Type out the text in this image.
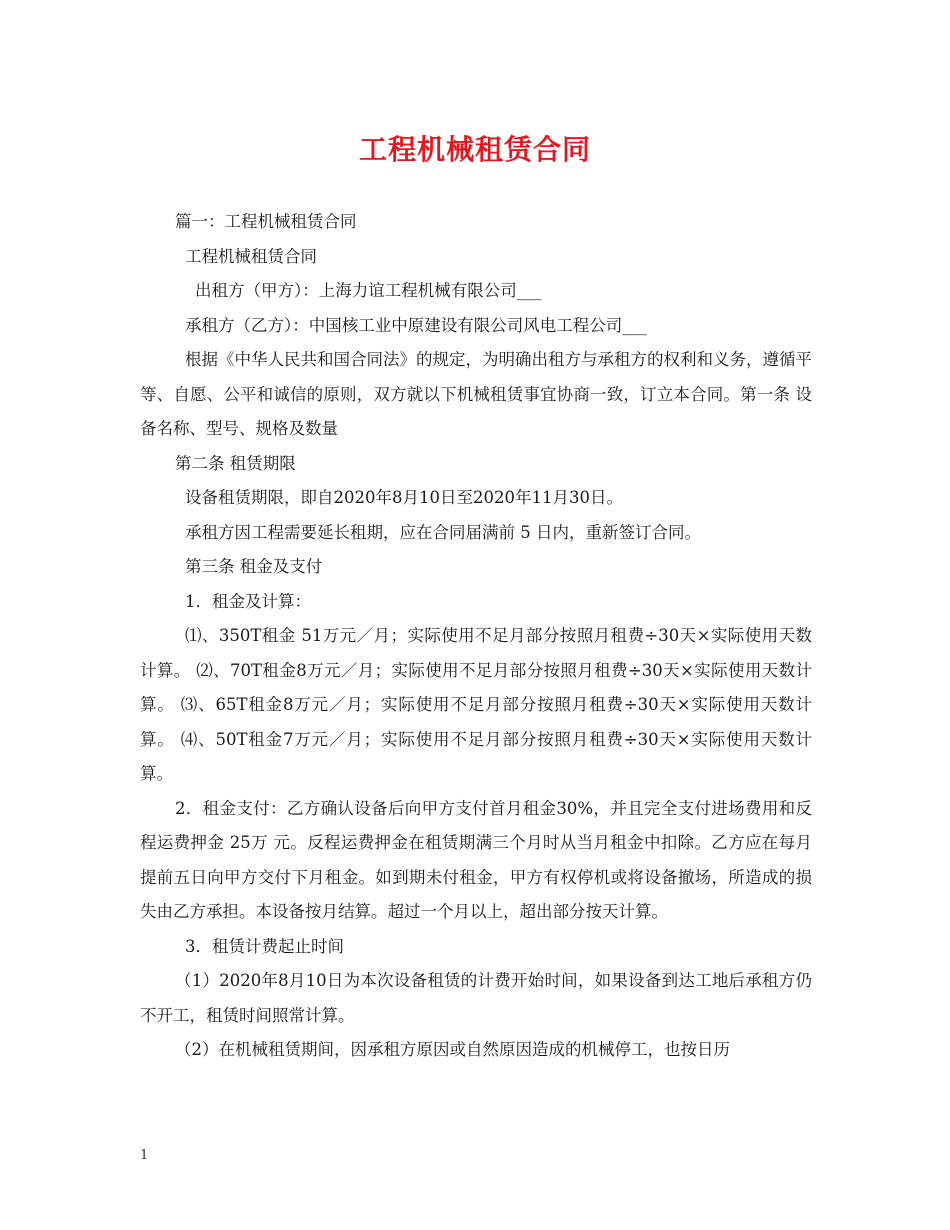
工程机械租赁合同

篇一：工程机械租赁合同

工程机械租赁合同

出租方（甲方）：上海力谊工程机械有限公司___

承租方（乙方）：中国核工业中原建设有限公司风电工程公司___

根据《中华人民共和国合同法》的规定，为明确出租方与承租方的权利和义务，遵循平等、自愿、公平和诚信的原则，双方就以下机械租赁事宜协商一致，订立本合同。第一条 设备名称、型号、规格及数量

第二条 租赁期限

设备租赁期限，即自2020年8月10日至2020年11月30日。

承租方因工程需要延长租期，应在合同届满前 5 日内，重新签订合同。

第三条 租金及支付

1．租金及计算：

⑴、350T租金 51万元／月；实际使用不足月部分按照月租费÷30天×实际使用天数计算。 ⑵、70T租金8万元／月；实际使用不足月部分按照月租费÷30天×实际使用天数计算。 ⑶、65T租金8万元／月；实际使用不足月部分按照月租费÷30天×实际使用天数计算。 ⑷、50T租金7万元／月；实际使用不足月部分按照月租费÷30天×实际使用天数计算。

2．租金支付：乙方确认设备后向甲方支付首月租金30%，并且完全支付进场费用和反程运费押金 25万 元。反程运费押金在租赁期满三个月时从当月租金中扣除。乙方应在每月提前五日向甲方交付下月租金。如到期未付租金，甲方有权停机或将设备撤场，所造成的损失由乙方承担。本设备按月结算。超过一个月以上，超出部分按天计算。

3．租赁计费起止时间

（1）2020年8月10日为本次设备租赁的计费开始时间，如果设备到达工地后承租方仍不开工，租赁时间照常计算。

（2）在机械租赁期间，因承租方原因或自然原因造成的机械停工，也按日历

1
